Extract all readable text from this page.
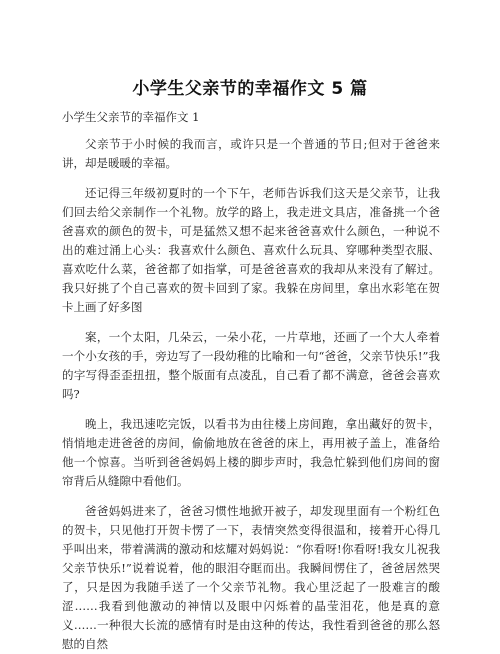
小学生父亲节的幸福作文 5 篇

小学生父亲节的幸福作文 1

父亲节于小时候的我而言，或许只是一个普通的节日;但对于爸爸来讲，却是暖暖的幸福。

还记得三年级初夏时的一个下午，老师告诉我们这天是父亲节，让我们回去给父亲制作一个礼物。放学的路上，我走进文具店，准备挑一个爸爸喜欢的颜色的贺卡，可是猛然又想不起来爸爸喜欢什么颜色，一种说不出的难过涌上心头：我喜欢什么颜色、喜欢什么玩具、穿哪种类型衣服、喜欢吃什么菜，爸爸都了如指掌，可是爸爸喜欢的我却从来没有了解过。我只好挑了个自己喜欢的贺卡回到了家。我躲在房间里，拿出水彩笔在贺卡上画了好多图

案，一个太阳，几朵云，一朵小花，一片草地，还画了一个大人牵着一个小女孩的手，旁边写了一段幼稚的比喻和一句“爸爸，父亲节快乐!”我的字写得歪歪扭扭，整个版面有点凌乱，自己看了都不满意，爸爸会喜欢吗?

晚上，我迅速吃完饭，以看书为由往楼上房间跑，拿出藏好的贺卡，悄悄地走进爸爸的房间，偷偷地放在爸爸的床上，再用被子盖上，准备给他一个惊喜。当听到爸爸妈妈上楼的脚步声时，我急忙躲到他们房间的窗帘背后从缝隙中看他们。

爸爸妈妈进来了，爸爸习惯性地掀开被子，却发现里面有一个粉红色的贺卡，只见他打开贺卡愣了一下，表情突然变得很温和，接着开心得几乎叫出来，带着满满的激动和炫耀对妈妈说：“你看呀!你看呀!我女儿祝我父亲节快乐!”说着说着，他的眼泪夺眶而出。我瞬间愣住了，爸爸居然哭了，只是因为我随手送了一个父亲节礼物。我心里泛起了一股难言的酸涩……我看到他激动的神情以及眼中闪烁着的晶莹泪花，他是真的意义……一种很大长流的感情有时是由这种的传达，我性看到爸爸的那么怒慰的自然
